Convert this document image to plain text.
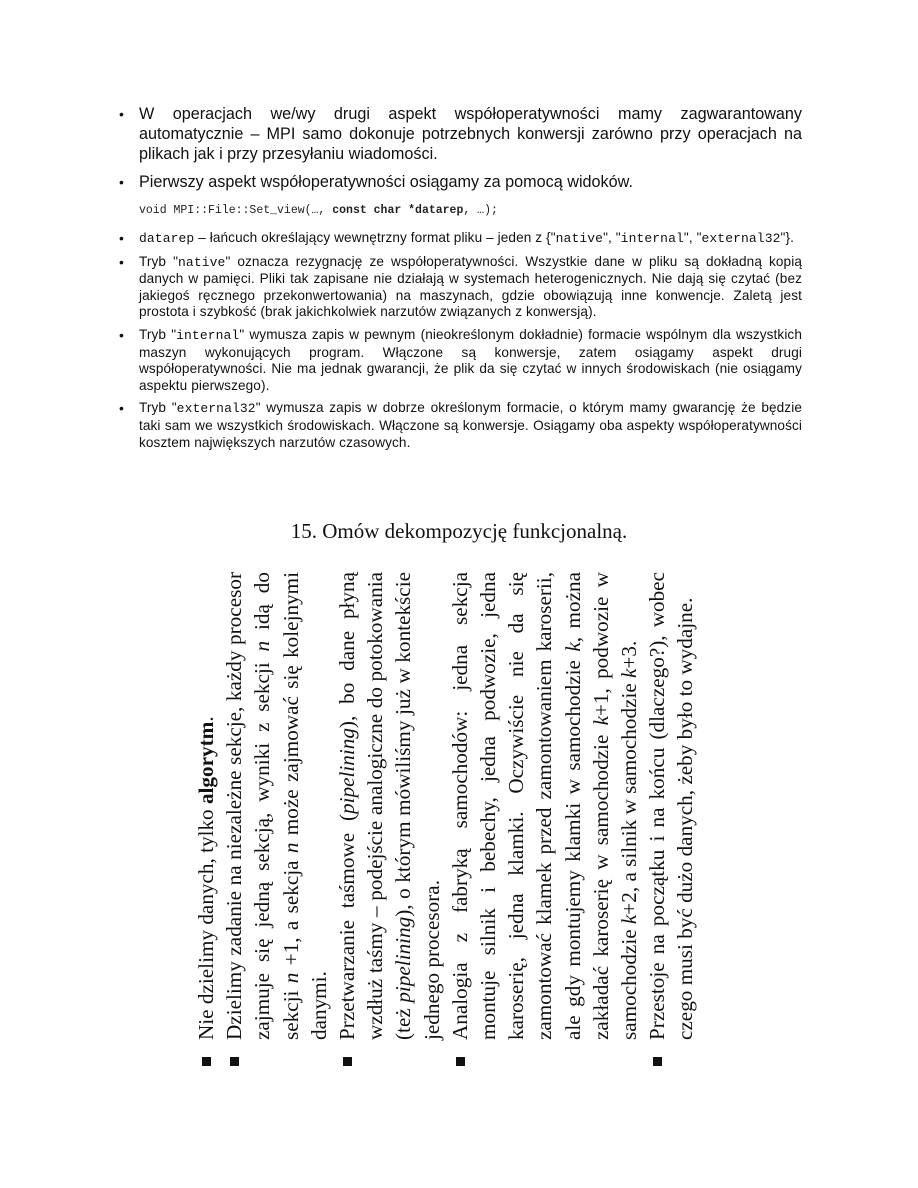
• W operacjach we/wy drugi aspekt współoperatywności mamy zagwarantowany automatycznie – MPI samo dokonuje potrzebnych konwersji zarówno przy operacjach na plikach jak i przy przesyłaniu wiadomości.
• Pierwszy aspekt współoperatywności osiągamy za pomocą widoków.
void MPI::File::Set_view(…, const char *datarep, …);
• datarep – łańcuch określający wewnętrzny format pliku – jeden z {"native", "internal", "external32"}.
• Tryb "native" oznacza rezygnację ze współoperatywności. Wszystkie dane w pliku są dokładną kopią danych w pamięci. Pliki tak zapisane nie działają w systemach heterogenicznych. Nie dają się czytać (bez jakiegoś ręcznego przekonwertowania) na maszynach, gdzie obowiązują inne konwencje. Zaletą jest prostota i szybkość (brak jakichkolwiek narzutów związanych z konwersją).
• Tryb "internal" wymusza zapis w pewnym (nieokreślonym dokładnie) formacie wspólnym dla wszystkich maszyn wykonujących program. Włączone są konwersje, zatem osiągamy aspekt drugi współoperatywności. Nie ma jednak gwarancji, że plik da się czytać w innych środowiskach (nie osiągamy aspektu pierwszego).
• Tryb "external32" wymusza zapis w dobrze określonym formacie, o którym mamy gwarancję że będzie taki sam we wszystkich środowiskach. Włączone są konwersje. Osiągamy oba aspekty współoperatywności kosztem największych narzutów czasowych.
15. Omów dekompozycję funkcjonalną.
Nie dzielimy danych, tylko algorytm. Dzielimy zadanie na niezależne sekcje, każdy procesor zajmuje się jedną sekcją, wyniki z sekcji n idą do sekcji n +1, a sekcja n może zajmować się kolejnymi danymi. Przetwarzanie taśmowe (pipelining), bo dane płyną wzdłuż taśmy – podejście analogiczne do potokowania (też pipelining), o którym mówiliśmy już w kontekście jednego procesora. Analogia z fabryką samochodów: jedna sekcja montuje silnik i bebechy, jedna podwozie, jedna karoserię, jedna klamki. Oczywiście nie da się zamontować klamek przed zamontowaniem karoserii, ale gdy montujemy klamki w samochodzie k, można zakładać karoserię w samochodzie k+1, podwozie w samochodzie k+2, a silnik w samochodzie k+3. Przestoje na początku i na końcu (dlaczego?), wobec czego musi być dużo danych, żeby było to wydajne.
